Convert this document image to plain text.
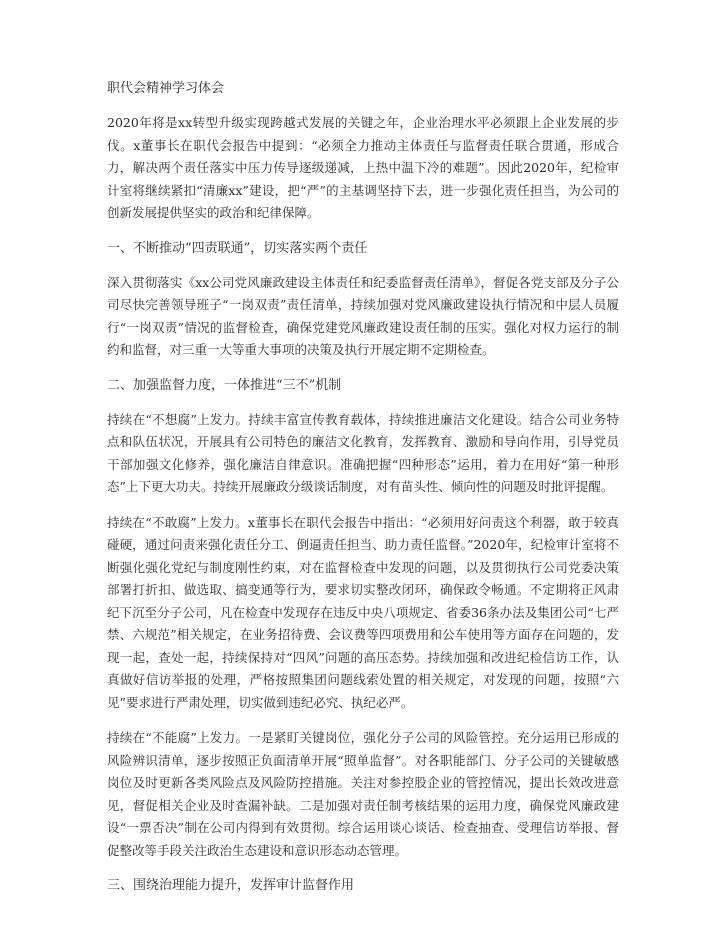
职代会精神学习体会
2020年将是xx转型升级实现跨越式发展的关键之年，企业治理水平必须跟上企业发展的步伐。x董事长在职代会报告中提到：“必须全力推动主体责任与监督责任联合贯通，形成合力，解决两个责任落实中压力传导逐级递减，上热中温下冷的难题”。因此2020年，纪检审计室将继续紧扣“清廉xx”建设，把“严”的主基调坚持下去，进一步强化责任担当，为公司的创新发展提供坚实的政治和纪律保障。
一、不断推动“四责联通”，切实落实两个责任
深入贯彻落实《xx公司党风廉政建设主体责任和纪委监督责任清单》，督促各党支部及分子公司尽快完善领导班子“一岗双责”责任清单，持续加强对党风廉政建设执行情况和中层人员履行“一岗双责”情况的监督检查，确保党建党风廉政建设责任制的压实。强化对权力运行的制约和监督，对三重一大等重大事项的决策及执行开展定期不定期检查。
二、加强监督力度，一体推进“三不”机制
持续在“不想腐”上发力。持续丰富宣传教育载体，持续推进廉洁文化建设。结合公司业务特点和队伍状况，开展具有公司特色的廉洁文化教育，发挥教育、激励和导向作用，引导党员干部加强文化修养，强化廉洁自律意识。准确把握“四种形态”运用，着力在用好“第一种形态”上下更大功夫。持续开展廉政分级谈话制度，对有苗头性、倾向性的问题及时批评提醒。
持续在“不敢腐”上发力。x董事长在职代会报告中指出：“必须用好问责这个利器，敢于较真碰硬，通过问责来强化责任分工、倒逼责任担当、助力责任监督。”2020年，纪检审计室将不断强化强化党纪与制度刚性约束，对在监督检查中发现的问题，以及贯彻执行公司党委决策部署打折扣、做选取、搞变通等行为，要求切实整改闭环，确保政令畅通。不定期将正风肃纪下沉至分子公司，凡在检查中发现存在违反中央八项规定、省委36条办法及集团公司“七严禁、六规范”相关规定，在业务招待费、会议费等四项费用和公车使用等方面存在问题的，发现一起，查处一起，持续保持对“四风”问题的高压态势。持续加强和改进纪检信访工作，认真做好信访举报的处理，严格按照集团问题线索处置的相关规定，对发现的问题，按照“六见”要求进行严肃处理，切实做到违纪必究、执纪必严。
持续在“不能腐”上发力。一是紧盯关键岗位，强化分子公司的风险管控。充分运用已形成的风险辨识清单，逐步按照正负面清单开展“照单监督”。对各职能部门、分子公司的关键敏感岗位及时更新各类风险点及风险防控措施。关注对参控股企业的管控情况，提出长效改进意见，督促相关企业及时查漏补缺。二是加强对责任制考核结果的运用力度，确保党风廉政建设“一票否决”制在公司内得到有效贯彻。综合运用谈心谈话、检查抽查、受理信访举报、督促整改等手段关注政治生态建设和意识形态动态管理。
三、围绕治理能力提升，发挥审计监督作用
